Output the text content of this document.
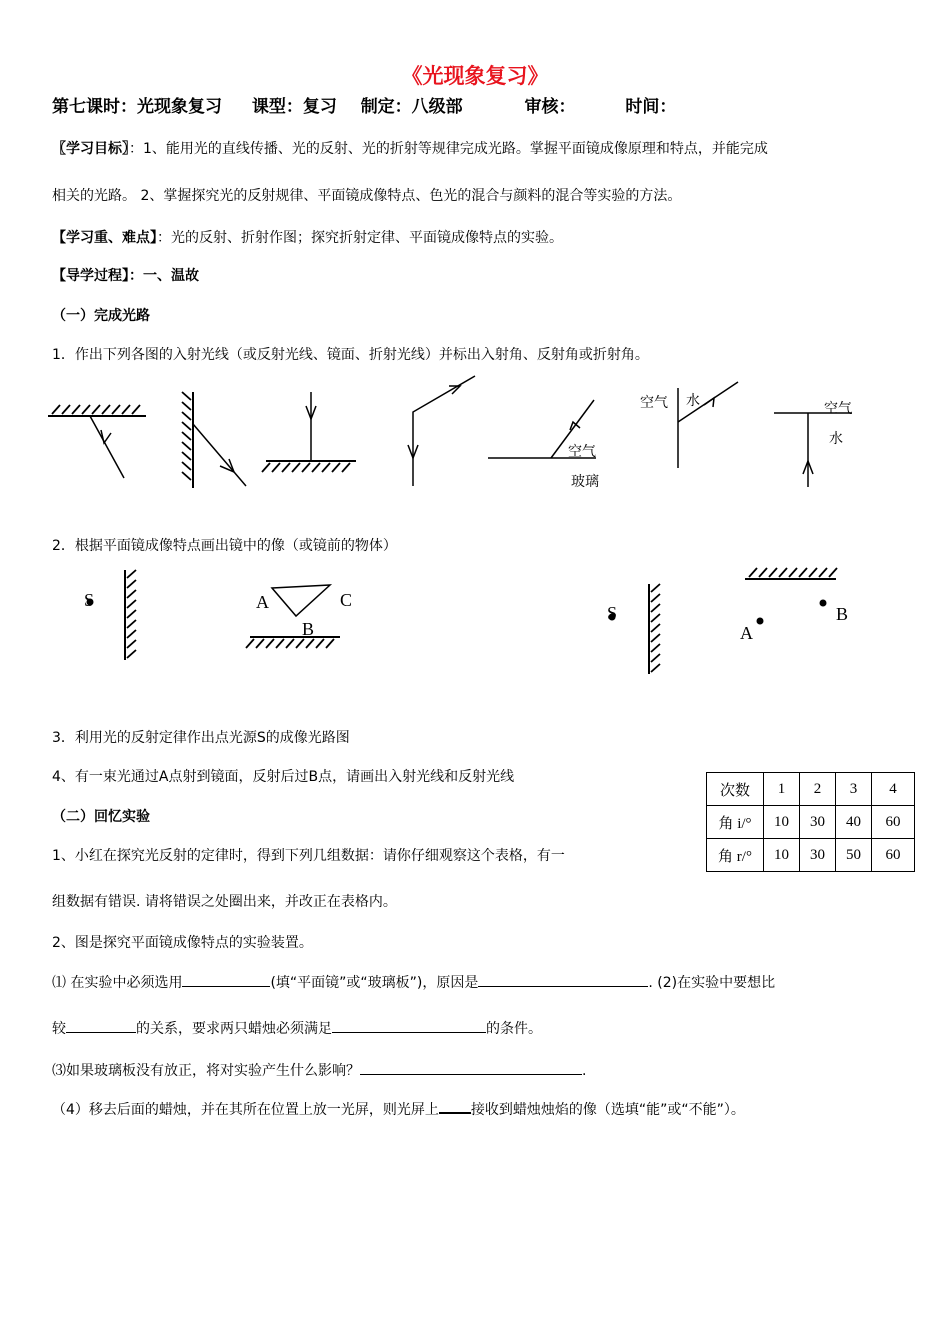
《光现象复习》
第七课时：光现象复习 课型：复习 制定：八级部	审核：	时间：
〖学习目标〗：1、能用光的直线传播、光的反射、光的折射等规律完成光路。掌握平面镜成像原理和特点，并能完成
相关的光路。 2、掌握探究光的反射规律、平面镜成像特点、色光的混合与颜料的混合等实验的方法。
【学习重、难点】：光的反射、折射作图；探究折射定律、平面镜成像特点的实验。
【导学过程】：一、温故
（一）完成光路
1．作出下列各图的入射光线（或反射光线、镜面、折射光线）并标出入射角、反射角或折射角。
空气
玻璃
空气 水	空气
水
2．根据平面镜成像特点画出镜中的像（或镜前的物体）
S	A
B
C
S
A
B
3．利用光的反射定律作出点光源S的成像光路图
4、有一束光通过A点射到镜面，反射后过B点，请画出入射光线和反射光线
（二）回忆实验
1、小红在探究光反射的定律时，得到下列几组数据：请你仔细观察这个表格，有一
组数据有错误. 请将错误之处圈出来，并改正在表格内。
次数	1	2	3	4
角 i/°	10	30	40	60
角 r/°	10	30	50	60
2、图是探究平面镜成像特点的实验装置。
⑴ 在实验中必须选用	(填“平面镜”或“玻璃板”)，原因是	. (2)在实验中要想比
较	的关系，要求两只蜡烛必须满足	的条件。
⑶如果玻璃板没有放正，将对实验产生什么影响？	.
（4）移去后面的蜡烛，并在其所在位置上放一光屏，则光屏上 接收到蜡烛烛焰的像（选填“能”或“不能”）。
